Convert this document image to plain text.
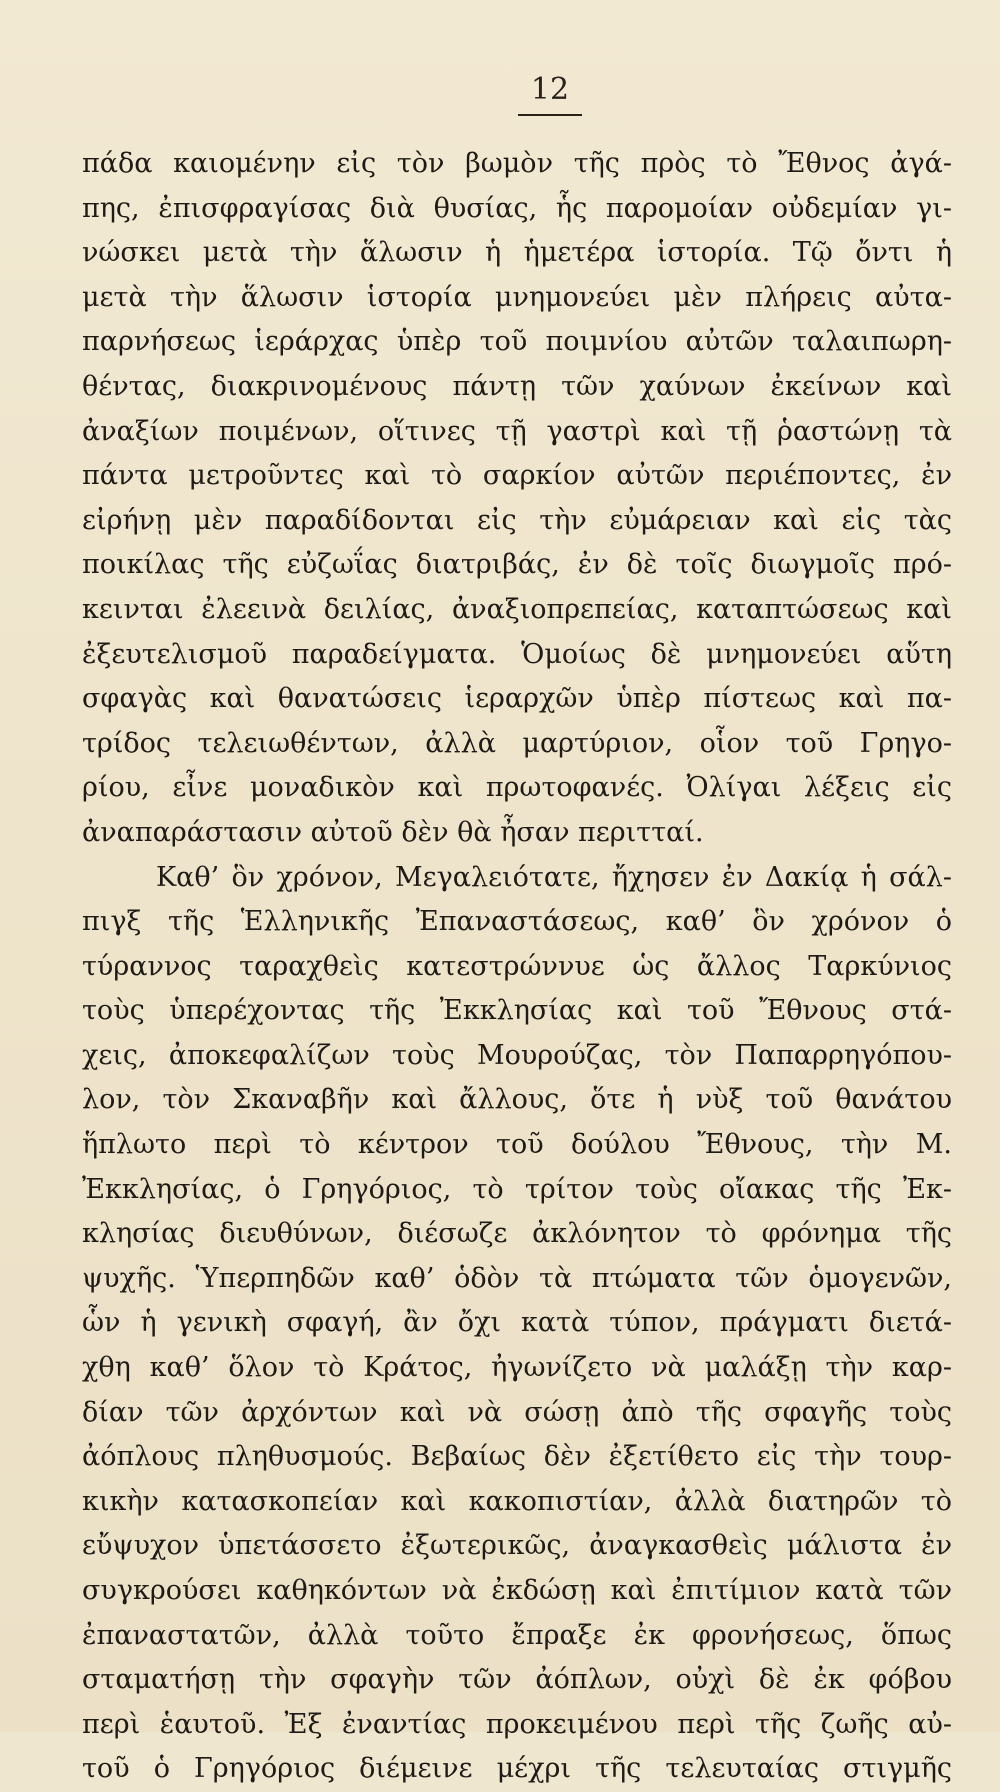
12
πάδα καιομένην εἰς τὸν βωμὸν τῆς πρὸς τὸ Ἔθνος ἀγά-
πης, ἐπισφραγίσας διὰ θυσίας, ἧς παρομοίαν οὐδεμίαν γι-
νώσκει μετὰ τὴν ἅλωσιν ἡ ἡμετέρα ἱστορία. Τῷ ὄντι ἡ
μετὰ τὴν ἅλωσιν ἱστορία μνημονεύει μὲν πλήρεις αὐτα-
παρνήσεως ἱεράρχας ὑπὲρ τοῦ ποιμνίου αὐτῶν ταλαιπωρη-
θέντας, διακρινομένους πάντῃ τῶν χαύνων ἐκείνων καὶ
ἀναξίων ποιμένων, οἵτινες τῇ γαστρὶ καὶ τῇ ῥαστώνῃ τὰ
πάντα μετροῦντες καὶ τὸ σαρκίον αὐτῶν περιέποντες, ἐν
εἰρήνῃ μὲν παραδίδονται εἰς τὴν εὐμάρειαν καὶ εἰς τὰς
ποικίλας τῆς εὐζωΐας διατριβάς, ἐν δὲ τοῖς διωγμοῖς πρό-
κεινται ἐλεεινὰ δειλίας, ἀναξιοπρεπείας, καταπτώσεως καὶ
ἐξευτελισμοῦ παραδείγματα. Ὁμοίως δὲ μνημονεύει αὕτη
σφαγὰς καὶ θανατώσεις ἱεραρχῶν ὑπὲρ πίστεως καὶ πα-
τρίδος τελειωθέντων, ἀλλὰ μαρτύριον, οἷον τοῦ Γρηγο-
ρίου, εἶνε μοναδικὸν καὶ πρωτοφανές. Ὀλίγαι λέξεις εἰς
ἀναπαράστασιν αὐτοῦ δὲν θὰ ἦσαν περιτταί.
Καθ’ ὃν χρόνον, Μεγαλειότατε, ἤχησεν ἐν Δακίᾳ ἡ σάλ-
πιγξ τῆς Ἑλληνικῆς Ἐπαναστάσεως, καθ’ ὃν χρόνον ὁ
τύραννος ταραχθεὶς κατεστρώννυε ὡς ἄλλος Ταρκύνιος
τοὺς ὑπερέχοντας τῆς Ἐκκλησίας καὶ τοῦ Ἔθνους στά-
χεις, ἀποκεφαλίζων τοὺς Μουρούζας, τὸν Παπαρρηγόπου-
λον, τὸν Σκαναβῆν καὶ ἄλλους, ὅτε ἡ νὺξ τοῦ θανάτου
ἥπλωτο περὶ τὸ κέντρον τοῦ δούλου Ἔθνους, τὴν Μ.
Ἐκκλησίας, ὁ Γρηγόριος, τὸ τρίτον τοὺς οἴακας τῆς Ἐκ-
κλησίας διευθύνων, διέσωζε ἀκλόνητον τὸ φρόνημα τῆς
ψυχῆς. Ὑπερπηδῶν καθ’ ὁδὸν τὰ πτώματα τῶν ὁμογενῶν,
ὧν ἡ γενικὴ σφαγή, ἂν ὄχι κατὰ τύπον, πράγματι διετά-
χθη καθ’ ὅλον τὸ Κράτος, ἠγωνίζετο νὰ μαλάξῃ τὴν καρ-
δίαν τῶν ἀρχόντων καὶ νὰ σώσῃ ἀπὸ τῆς σφαγῆς τοὺς
ἀόπλους πληθυσμούς. Βεβαίως δὲν ἐξετίθετο εἰς τὴν τουρ-
κικὴν κατασκοπείαν καὶ κακοπιστίαν, ἀλλὰ διατηρῶν τὸ
εὔψυχον ὑπετάσσετο ἐξωτερικῶς, ἀναγκασθεὶς μάλιστα ἐν
συγκρούσει καθηκόντων νὰ ἐκδώσῃ καὶ ἐπιτίμιον κατὰ τῶν
ἐπαναστατῶν, ἀλλὰ τοῦτο ἔπραξε ἐκ φρονήσεως, ὅπως
σταματήσῃ τὴν σφαγὴν τῶν ἀόπλων, οὐχὶ δὲ ἐκ φόβου
περὶ ἑαυτοῦ. Ἐξ ἐναντίας προκειμένου περὶ τῆς ζωῆς αὐ-
τοῦ ὁ Γρηγόριος διέμεινε μέχρι τῆς τελευταίας στιγμῆς
